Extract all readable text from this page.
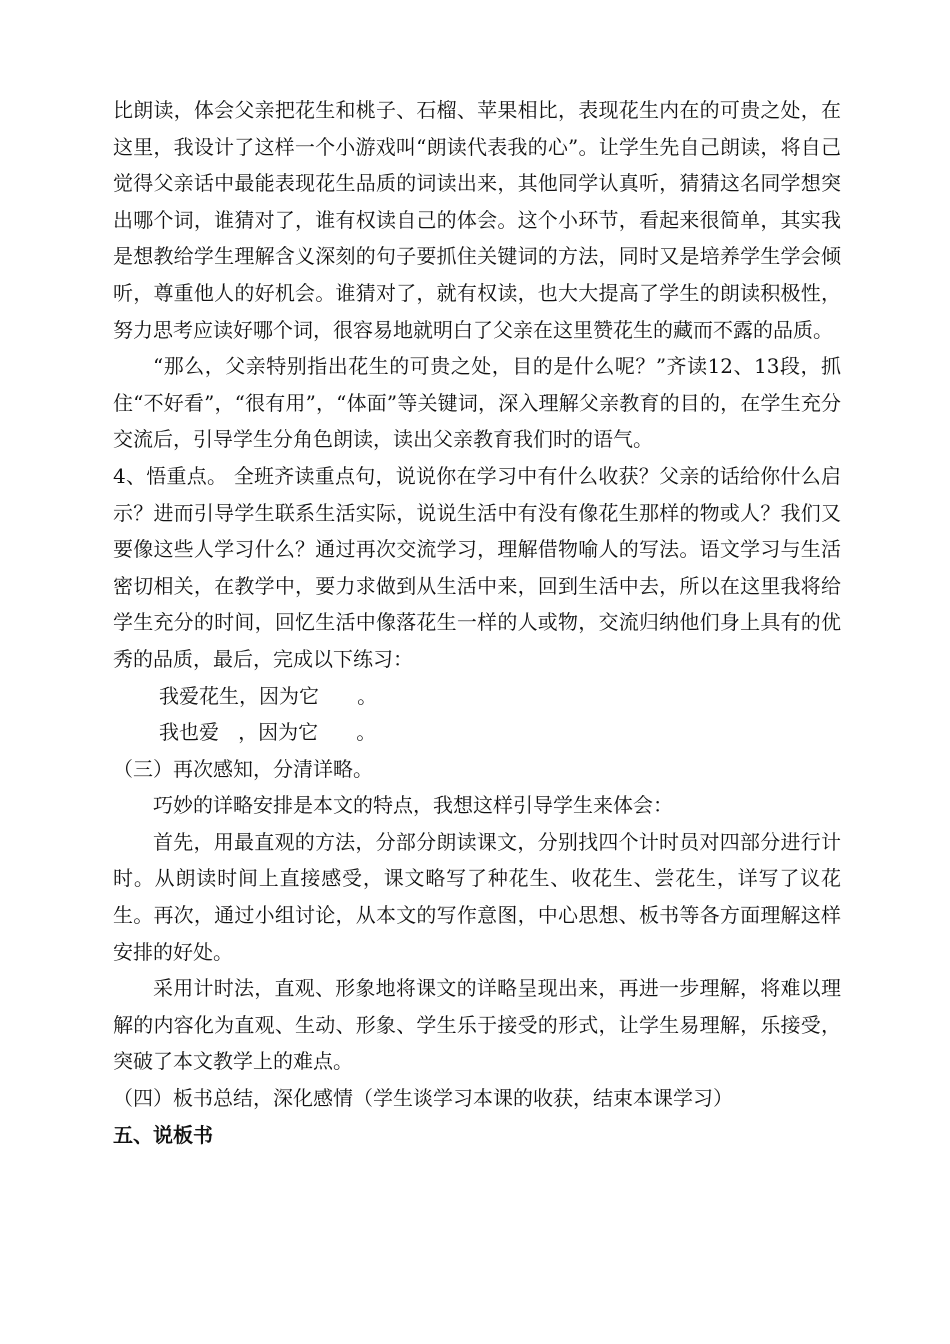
比朗读，体会父亲把花生和桃子、石榴、苹果相比，表现花生内在的可贵之处，在这里，我设计了这样一个小游戏叫“朗读代表我的心”。让学生先自己朗读，将自己觉得父亲话中最能表现花生品质的词读出来，其他同学认真听，猜猜这名同学想突出哪个词，谁猜对了，谁有权读自己的体会。这个小环节，看起来很简单，其实我是想教给学生理解含义深刻的句子要抓住关键词的方法，同时又是培养学生学会倾听，尊重他人的好机会。谁猜对了，就有权读，也大大提高了学生的朗读积极性，努力思考应读好哪个词，很容易地就明白了父亲在这里赞花生的藏而不露的品质。

“那么，父亲特别指出花生的可贵之处，目的是什么呢？”齐读12、13段，抓住“不好看”，“很有用”，“体面”等关键词，深入理解父亲教育的目的，在学生充分交流后，引导学生分角色朗读，读出父亲教育我们时的语气。

4、悟重点。 全班齐读重点句，说说你在学习中有什么收获？父亲的话给你什么启示？进而引导学生联系生活实际，说说生活中有没有像花生那样的物或人？我们又要像这些人学习什么？通过再次交流学习，理解借物喻人的写法。语文学习与生活密切相关，在教学中，要力求做到从生活中来，回到生活中去，所以在这里我将给学生充分的时间，回忆生活中像落花生一样的人或物，交流归纳他们身上具有的优秀的品质，最后，完成以下练习：

我爱花生，因为它      。

我也爱   ，因为它      。

（三）再次感知，分清详略。

巧妙的详略安排是本文的特点，我想这样引导学生来体会：

首先，用最直观的方法，分部分朗读课文，分别找四个计时员对四部分进行计时。从朗读时间上直接感受，课文略写了种花生、收花生、尝花生，详写了议花生。再次，通过小组讨论，从本文的写作意图，中心思想、板书等各方面理解这样安排的好处。

采用计时法，直观、形象地将课文的详略呈现出来，再进一步理解，将难以理解的内容化为直观、生动、形象、学生乐于接受的形式，让学生易理解，乐接受，突破了本文教学上的难点。

（四）板书总结，深化感情（学生谈学习本课的收获，结束本课学习）

五、说板书
